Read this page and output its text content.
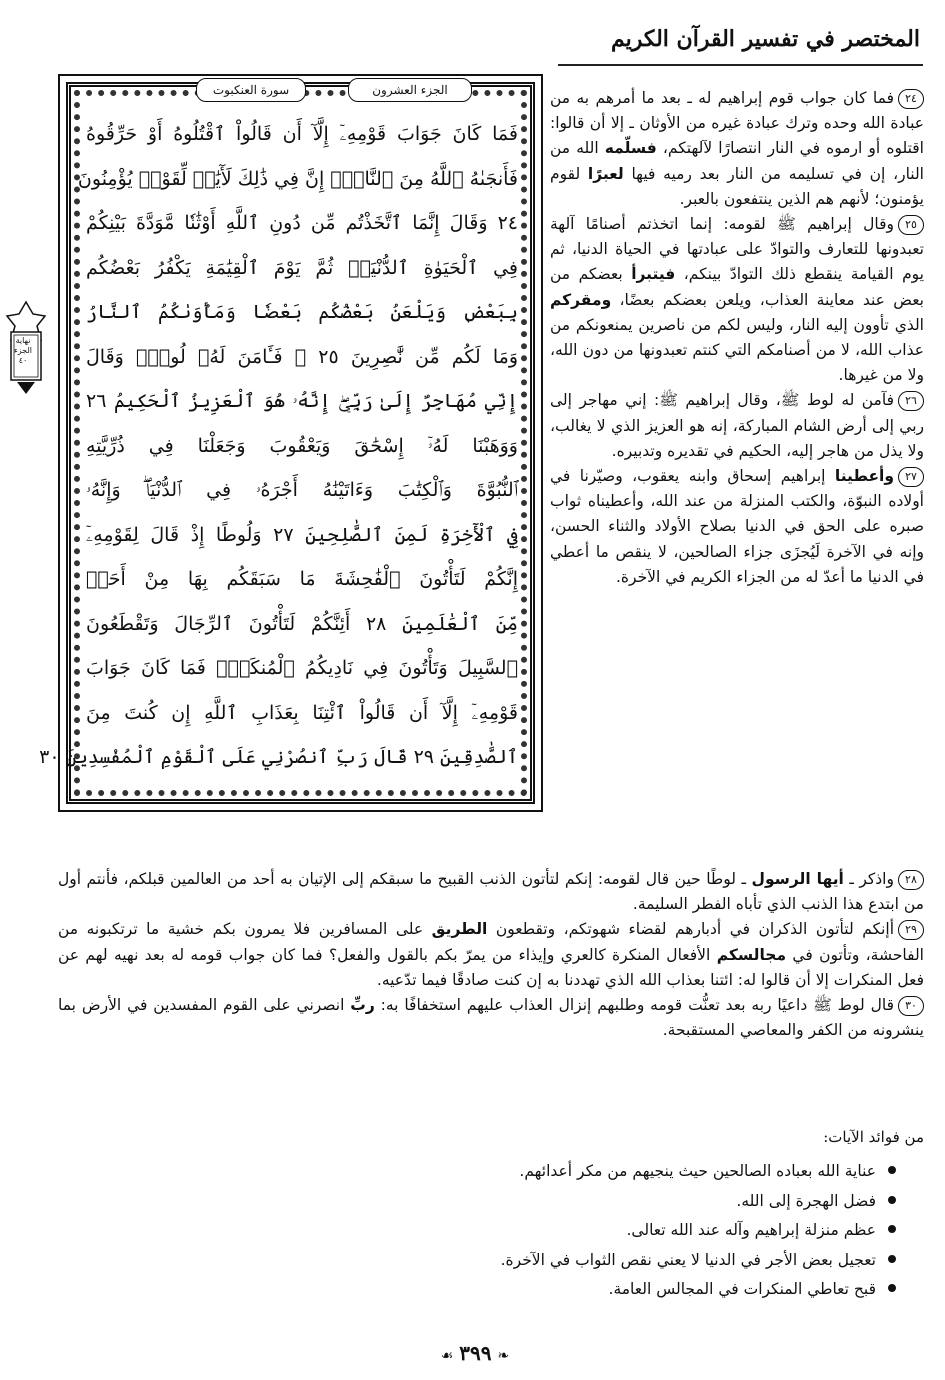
المختصر في تفسير القرآن الكريم
الجزء العشرون
سورة العنكبوت
فَمَا كَانَ جَوَابَ قَوْمِهِۦٓ إِلَّآ أَن قَالُواْ ٱقْتُلُوهُ أَوْ حَرِّقُوهُ
فَأَنجَىٰهُ ٱللَّهُ مِنَ ٱلنَّارِۚ إِنَّ فِي ذَٰلِكَ لَأٓيَٰتٖ لِّقَوْمٖ يُؤْمِنُونَ
٢٤ وَقَالَ إِنَّمَا ٱتَّخَذْتُم مِّن دُونِ ٱللَّهِ أَوْثَٰنٗا مَّوَدَّةَ بَيْنِكُمْ
فِي ٱلْحَيَوٰةِ ٱلدُّنْيَاۖ ثُمَّ يَوْمَ ٱلْقِيَٰمَةِ يَكْفُرُ بَعْضُكُم
بِبَعْضٖ وَيَلْعَنُ بَعْضُكُم بَعْضٗا وَمَأْوَىٰكُمُ ٱلنَّارُ
وَمَا لَكُم مِّن نَّٰصِرِينَ ٢٥ ۞ فَـَٔامَنَ لَهُۥ لُوطٞۘ وَقَالَ
إِنِّي مُهَاجِرٌ إِلَىٰ رَبِّيٓۖ إِنَّهُۥ هُوَ ٱلْعَزِيزُ ٱلْحَكِيمُ ٢٦
وَوَهَبْنَا لَهُۥٓ إِسْحَٰقَ وَيَعْقُوبَ وَجَعَلْنَا فِي ذُرِّيَّتِهِ
ٱلنُّبُوَّةَ وَٱلْكِتَٰبَ وَءَاتَيْنَٰهُ أَجْرَهُۥ فِي ٱلدُّنْيَاۖ وَإِنَّهُۥ
فِي ٱلْأٓخِرَةِ لَمِنَ ٱلصَّٰلِحِينَ ٢٧ وَلُوطًا إِذْ قَالَ لِقَوْمِهِۦٓ
إِنَّكُمْ لَتَأْتُونَ ٱلْفَٰحِشَةَ مَا سَبَقَكُم بِهَا مِنْ أَحَدٖ
مِّنَ ٱلْعَٰلَمِينَ ٢٨ أَئِنَّكُمْ لَتَأْتُونَ ٱلرِّجَالَ وَتَقْطَعُونَ
ٱلسَّبِيلَ وَتَأْتُونَ فِي نَادِيكُمُ ٱلْمُنكَرَۖ فَمَا كَانَ جَوَابَ
قَوْمِهِۦٓ إِلَّآ أَن قَالُواْ ٱئْتِنَا بِعَذَابِ ٱللَّهِ إِن كُنتَ مِنَ
ٱلصَّٰدِقِينَ ٢٩ قَالَ رَبِّ ٱنصُرْنِي عَلَى ٱلْقَوْمِ ٱلْمُفْسِدِينَ ٣٠
نهاية الجزء ٤٠

٢٤فما كان جواب قوم إبراهيم له ـ بعد ما أمرهم به من عبادة الله وحده وترك عبادة غيره من الأوثان ـ إلا أن قالوا: اقتلوه أو ارموه في النار انتصارًا لآلهتكم، فسلّمه الله من النار، إن في تسليمه من النار بعد رميه فيها لعبرًا لقوم يؤمنون؛ لأنهم هم الذين ينتفعون بالعبر.

٢٥وقال إبراهيم ﷺ لقومه: إنما اتخذتم أصنامًا آلهة تعبدونها للتعارف والتوادّ على عبادتها في الحياة الدنيا، ثم يوم القيامة ينقطع ذلك التوادّ بينكم، فيتبرأ بعضكم من بعض عند معاينة العذاب، ويلعن بعضكم بعضًا، ومقركم الذي تأوون إليه النار، وليس لكم من ناصرين يمنعونكم من عذاب الله، لا من أصنامكم التي كنتم تعبدونها من دون الله، ولا من غيرها.

٢٦فآمن له لوط ﷺ، وقال إبراهيم ﷺ: إني مهاجر إلى ربي إلى أرض الشام المباركة، إنه هو العزيز الذي لا يغالب، ولا يذل من هاجر إليه، الحكيم في تقديره وتدبيره.

٢٧وأعطينا إبراهيم إسحاق وابنه يعقوب، وصيّرنا في أولاده النبوّة، والكتب المنزلة من عند الله، وأعطيناه ثواب صبره على الحق في الدنيا بصلاح الأولاد والثناء الحسن، وإنه في الآخرة لَيُجزَى جزاء الصالحين، لا ينقص ما أعطي في الدنيا ما أعدّ له من الجزاء الكريم في الآخرة.

٢٨واذكر ـ أيها الرسول ـ لوطًا حين قال لقومه: إنكم لتأتون الذنب القبيح ما سبقكم إلى الإتيان به أحد من العالمين قبلكم، فأنتم أول من ابتدع هذا الذنب الذي تأباه الفطر السليمة.

٢٩أإنكم لتأتون الذكران في أدبارهم لقضاء شهوتكم، وتقطعون الطريق على المسافرين فلا يمرون بكم خشية ما ترتكبونه من الفاحشة، وتأتون في مجالسكم الأفعال المنكرة كالعري وإيذاء من يمرّ بكم بالقول والفعل؟ فما كان جواب قومه له بعد نهيه لهم عن فعل المنكرات إلا أن قالوا له: ائتنا بعذاب الله الذي تهددنا به إن كنت صادقًا فيما تدّعيه.

٣٠قال لوط ﷺ داعيًا ربه بعد تعنُّت قومه وطلبهم إنزال العذاب عليهم استخفافًا به: ربِّ انصرني على القوم المفسدين في الأرض بما ينشرونه من الكفر والمعاصي المستقبحة.

من فوائد الآيات:
عناية الله بعباده الصالحين حيث ينجيهم من مكر أعدائهم.
فضل الهجرة إلى الله.
عظم منزلة إبراهيم وآله عند الله تعالى.
تعجيل بعض الأجر في الدنيا لا يعني نقص الثواب في الآخرة.
قبح تعاطي المنكرات في المجالس العامة.
❧٣٩٩☙
